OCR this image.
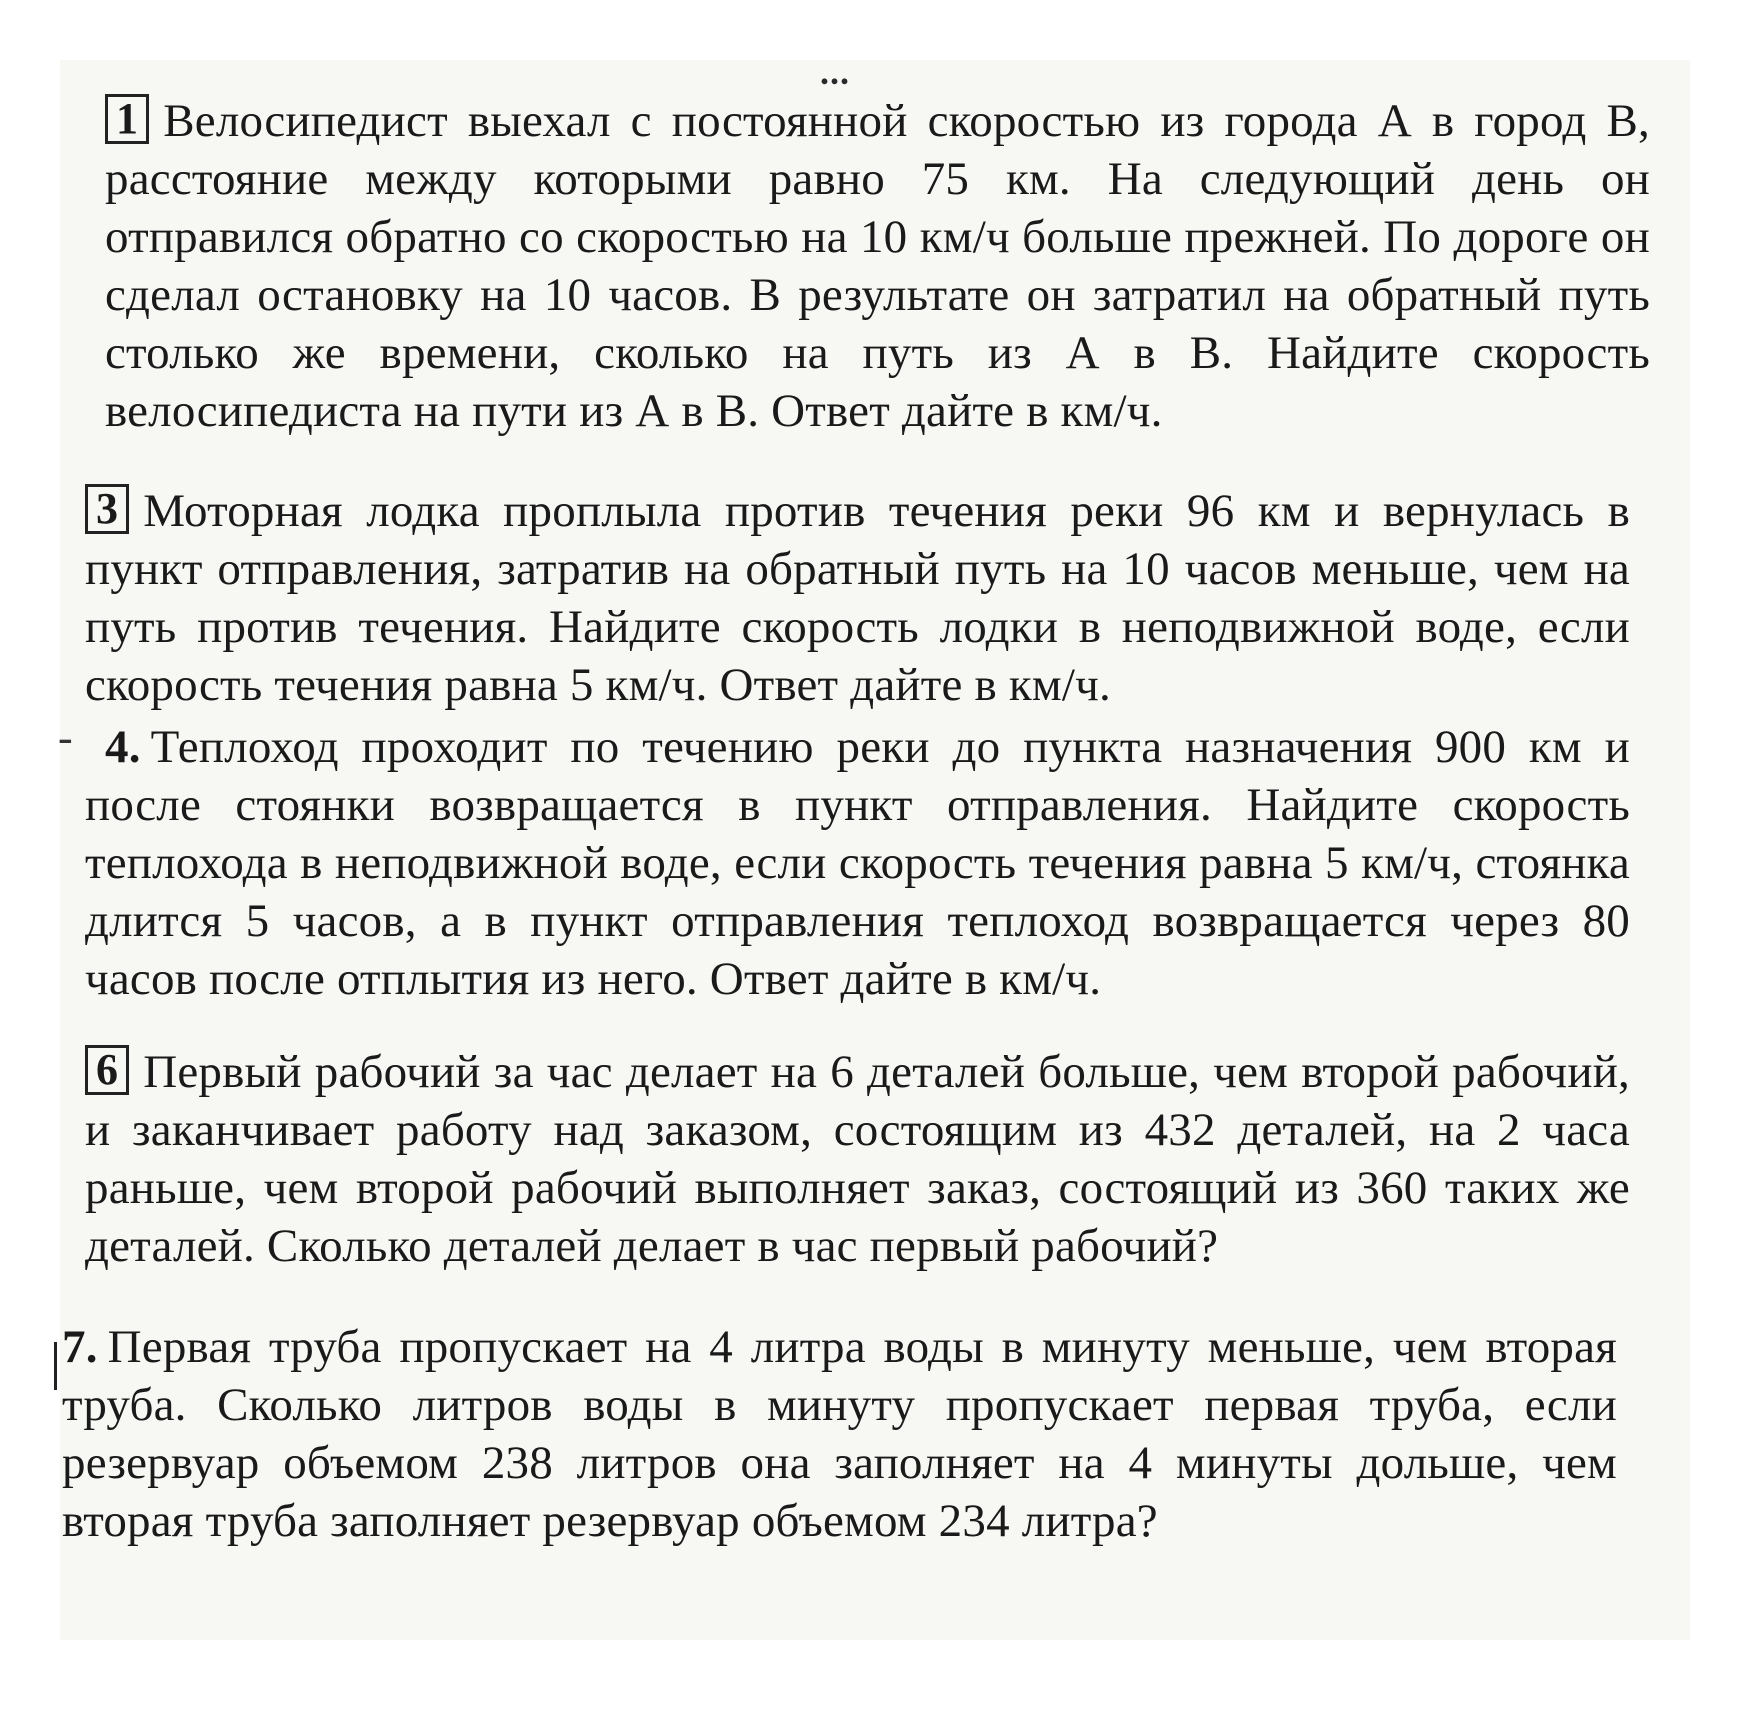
1 Велосипедист выехал с постоянной скоростью из города А в город В, расстояние между которыми равно 75 км. На следующий день он отправился обратно со скоростью на 10 км/ч больше прежней. По дороге он сделал остановку на 10 часов. В результате он затратил на обратный путь столько же времени, сколько на путь из А в В. Найдите скорость велосипедиста на пути из А в В. Ответ дайте в км/ч.
3 Моторная лодка проплыла против течения реки 96 км и вернулась в пункт отправления, затратив на обратный путь на 10 часов меньше, чем на путь против течения. Найдите скорость лодки в неподвижной воде, если скорость течения равна 5 км/ч. Ответ дайте в км/ч.
- 4. Теплоход проходит по течению реки до пункта назначения 900 км и после стоянки возвращается в пункт отправления. Найдите скорость теплохода в неподвижной воде, если скорость течения равна 5 км/ч, стоянка длится 5 часов, а в пункт отправления теплоход возвращается через 80 часов после отплытия из него. Ответ дайте в км/ч.
6 Первый рабочий за час делает на 6 деталей больше, чем второй рабочий, и заканчивает работу над заказом, состоящим из 432 деталей, на 2 часа раньше, чем второй рабочий выполняет заказ, состоящий из 360 таких же деталей. Сколько деталей делает в час первый рабочий?
7. Первая труба пропускает на 4 литра воды в минуту меньше, чем вторая труба. Сколько литров воды в минуту пропускает первая труба, если резервуар объемом 238 литров она заполняет на 4 минуты дольше, чем вторая труба заполняет резервуар объемом 234 литра?
